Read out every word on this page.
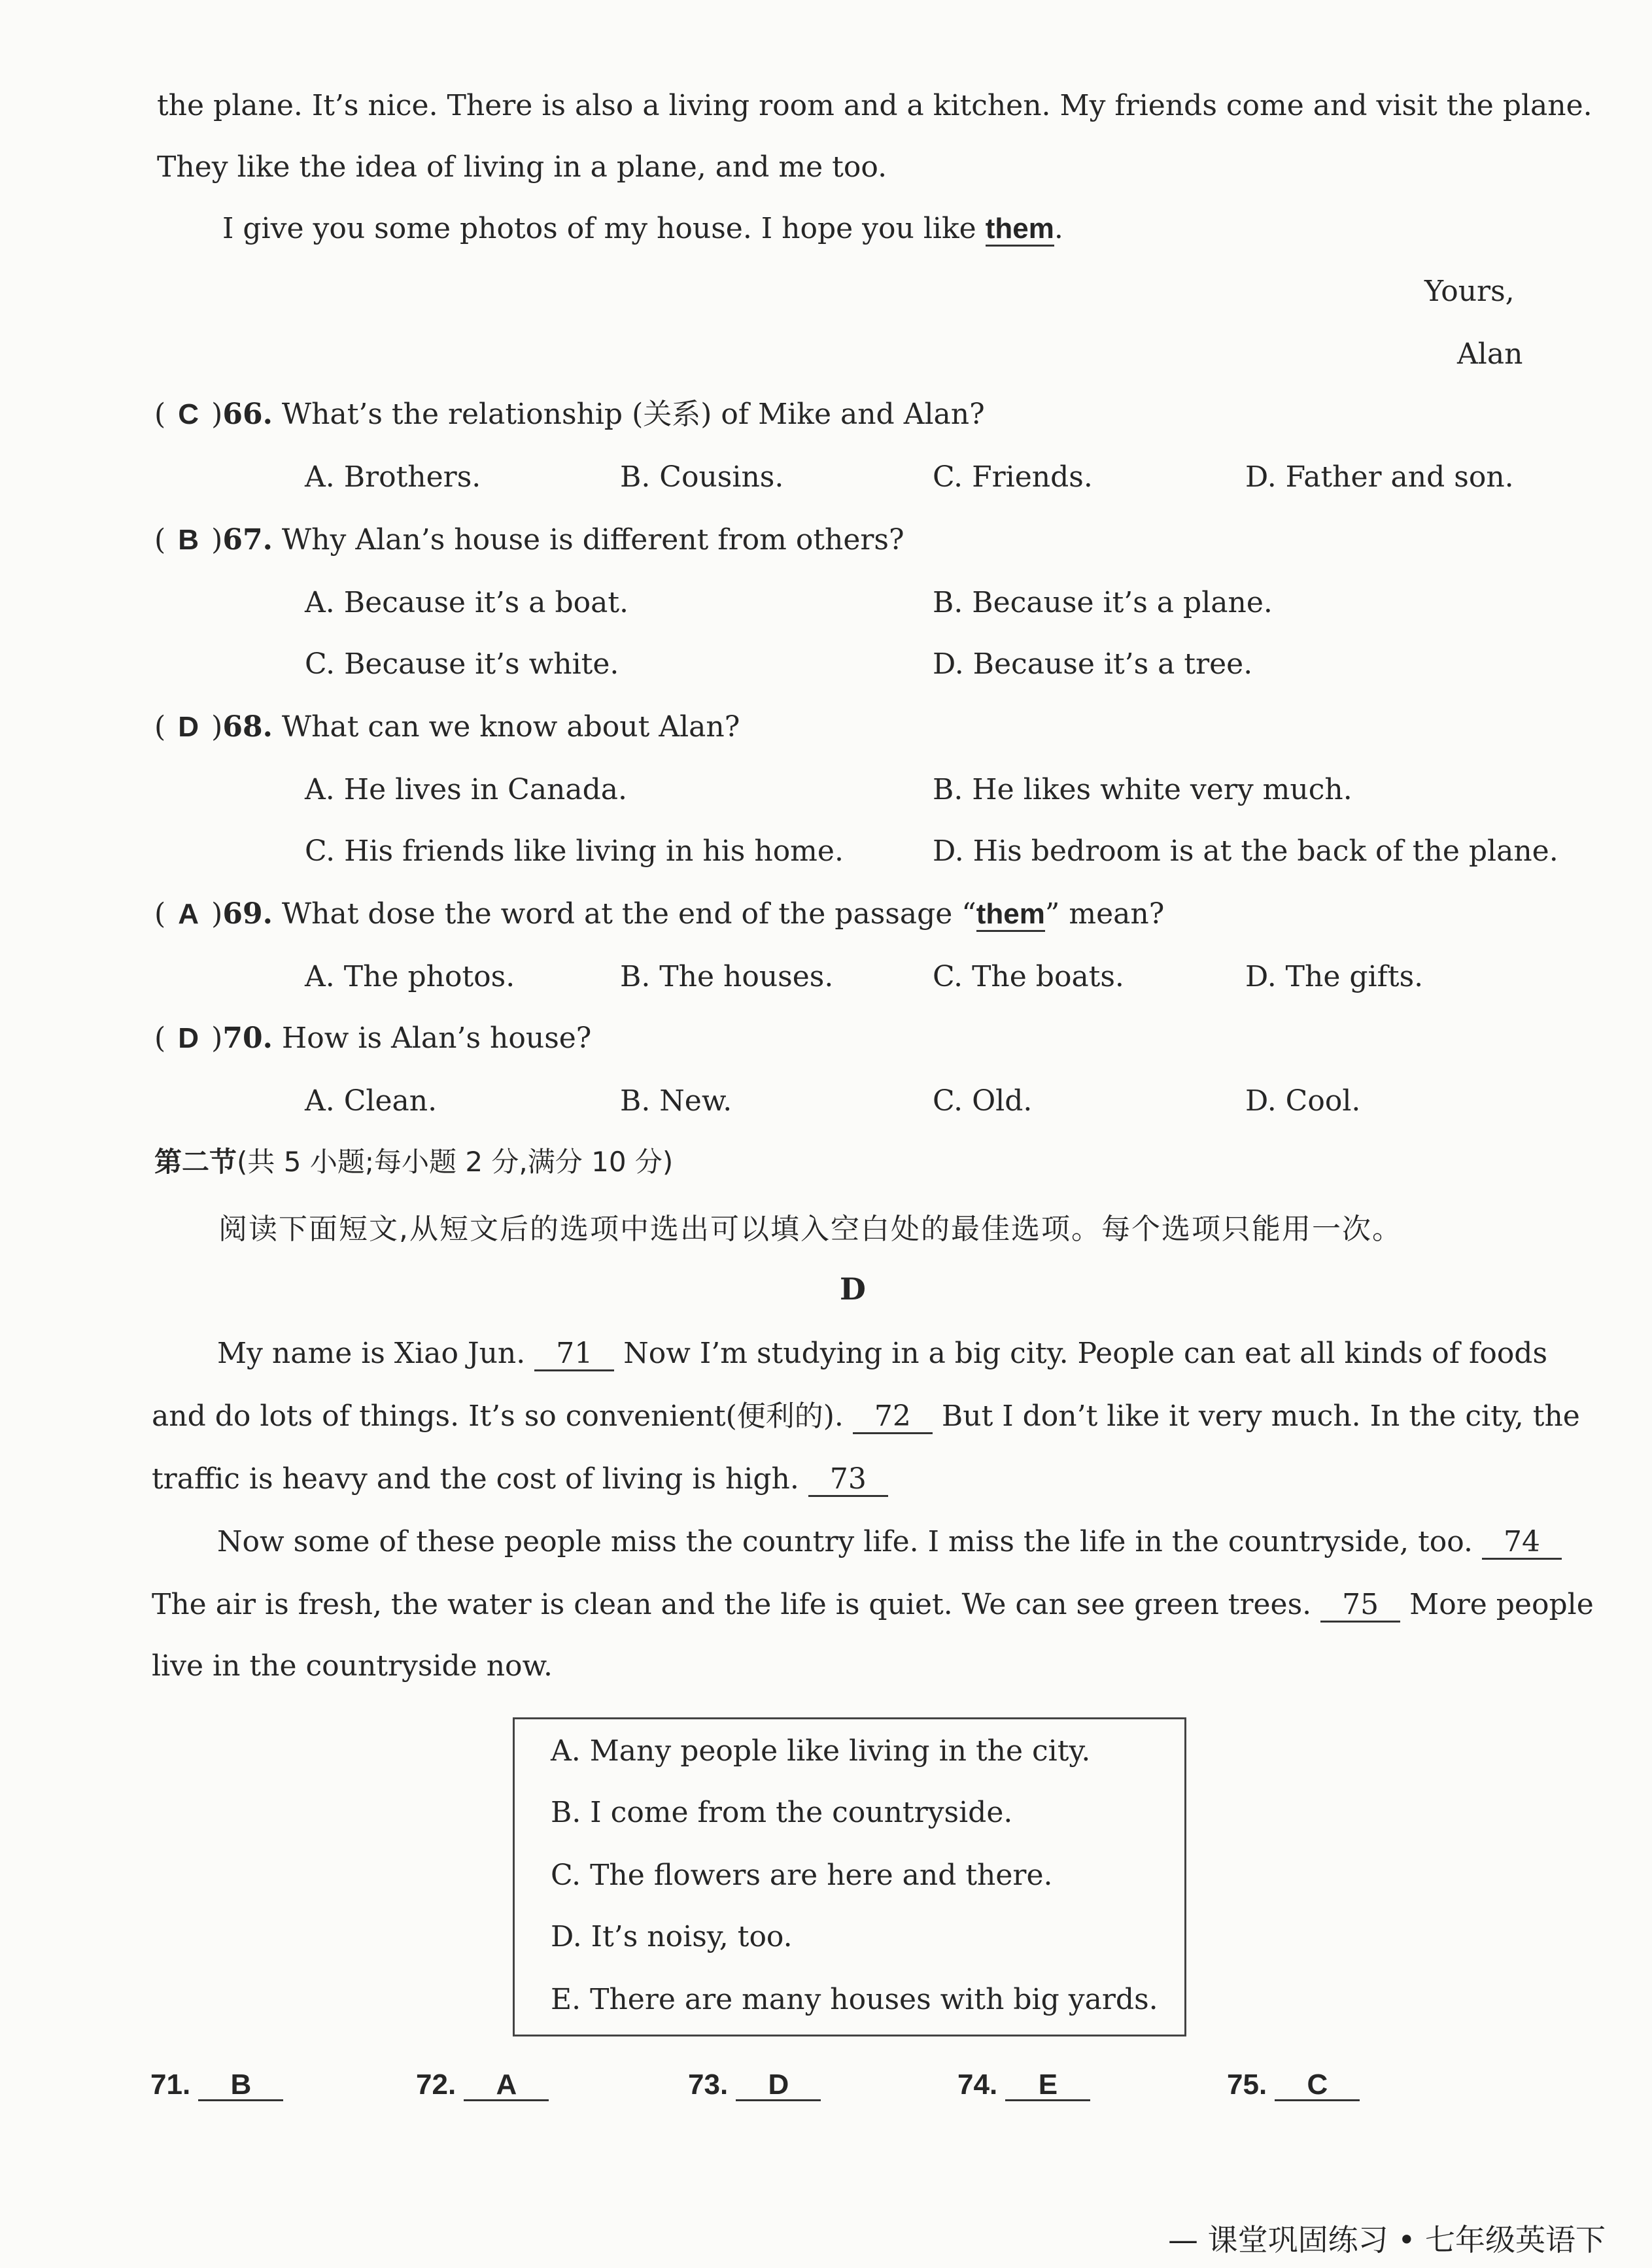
the plane. It’s nice. There is also a living room and a kitchen. My friends come and visit the plane.
They like the idea of living in a plane, and me too.
I give you some photos of my house. I hope you like them.
Yours,
Alan
( C )66. What’s the relationship (关系) of Mike and Alan?
A. Brothers.	B. Cousins.	C. Friends.	D. Father and son.
( B )67. Why Alan’s house is different from others?
A. Because it’s a boat.	B. Because it’s a plane.
C. Because it’s white.	D. Because it’s a tree.
( D )68. What can we know about Alan?
A. He lives in Canada.	B. He likes white very much.
C. His friends like living in his home.	D. His bedroom is at the back of the plane.
( A )69. What dose the word at the end of the passage “them” mean?
A. The photos.	B. The houses.	C. The boats.	D. The gifts.
( D )70. How is Alan’s house?
A. Clean.	B. New.	C. Old.	D. Cool.
第二节(共 5 小题;每小题 2 分,满分 10 分)
阅读下面短文,从短文后的选项中选出可以填入空白处的最佳选项。每个选项只能用一次。
D
My name is Xiao Jun. 71 Now I’m studying in a big city. People can eat all kinds of foods
and do lots of things. It’s so convenient(便利的). 72 But I don’t like it very much. In the city, the
traffic is heavy and the cost of living is high. 73
Now some of these people miss the country life. I miss the life in the countryside, too. 74
The air is fresh, the water is clean and the life is quiet. We can see green trees. 75 More people
live in the countryside now.
A. Many people like living in the city.
B. I come from the countryside.
C. The flowers are here and there.
D. It’s noisy, too.
E. There are many houses with big yards.
71. B	72. A	73. D	74. E	75. C
— 课堂巩固练习 • 七年级英语下
